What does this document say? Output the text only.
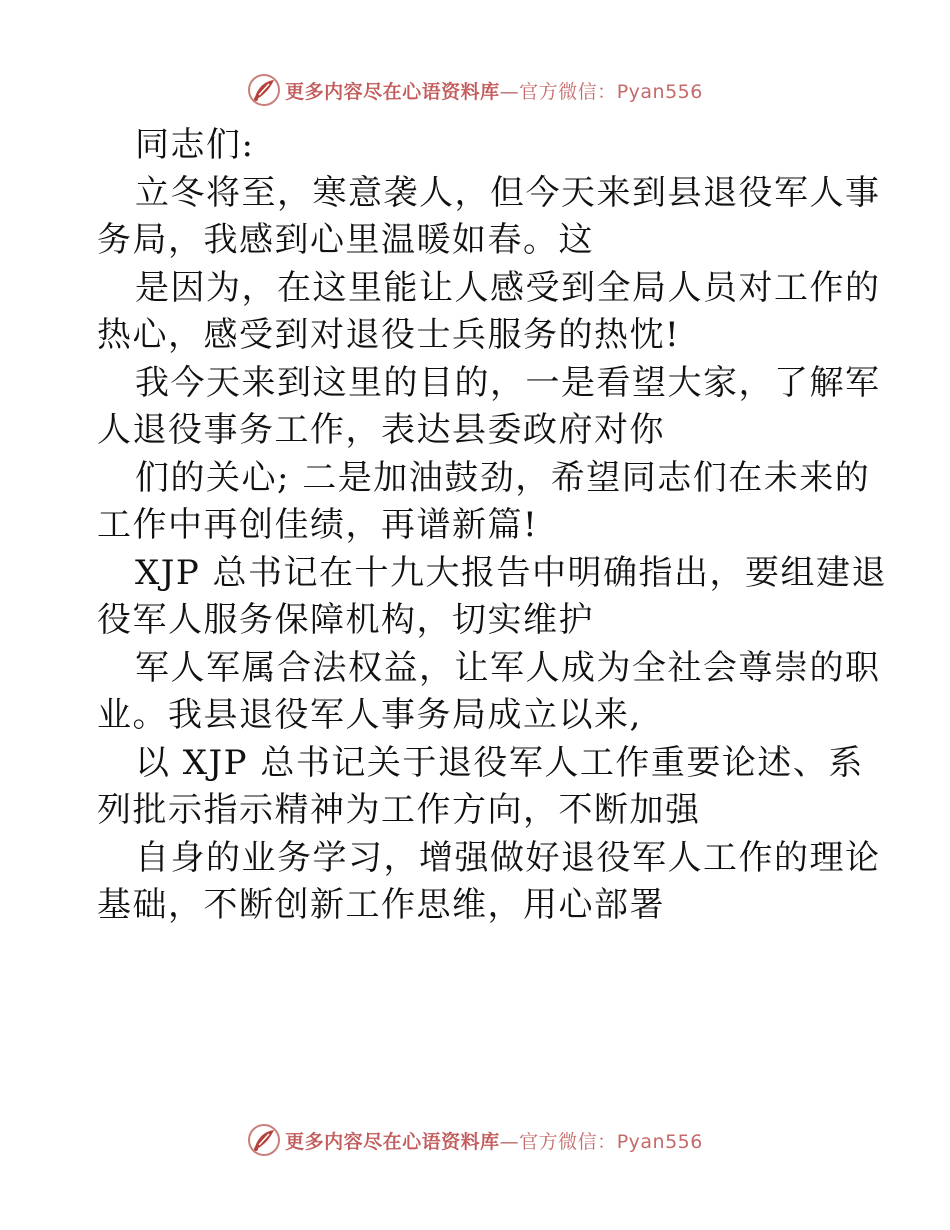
更多内容尽在心语资料库—官方微信：Pyan556
同志们:
立冬将至，寒意袭人，但今天来到县退役军人事
务局，我感到心里温暖如春。这
是因为，在这里能让人感受到全局人员对工作的
热心，感受到对退役士兵服务的热忱!
我今天来到这里的目的，一是看望大家，了解军
人退役事务工作，表达县委政府对你
们的关心; 二是加油鼓劲，希望同志们在未来的
工作中再创佳绩，再谱新篇!
XJP 总书记在十九大报告中明确指出，要组建退
役军人服务保障机构，切实维护
军人军属合法权益，让军人成为全社会尊崇的职
业。我县退役军人事务局成立以来,
以 XJP 总书记关于退役军人工作重要论述、系
列批示指示精神为工作方向，不断加强
自身的业务学习，增强做好退役军人工作的理论
基础，不断创新工作思维，用心部署
更多内容尽在心语资料库—官方微信：Pyan556
